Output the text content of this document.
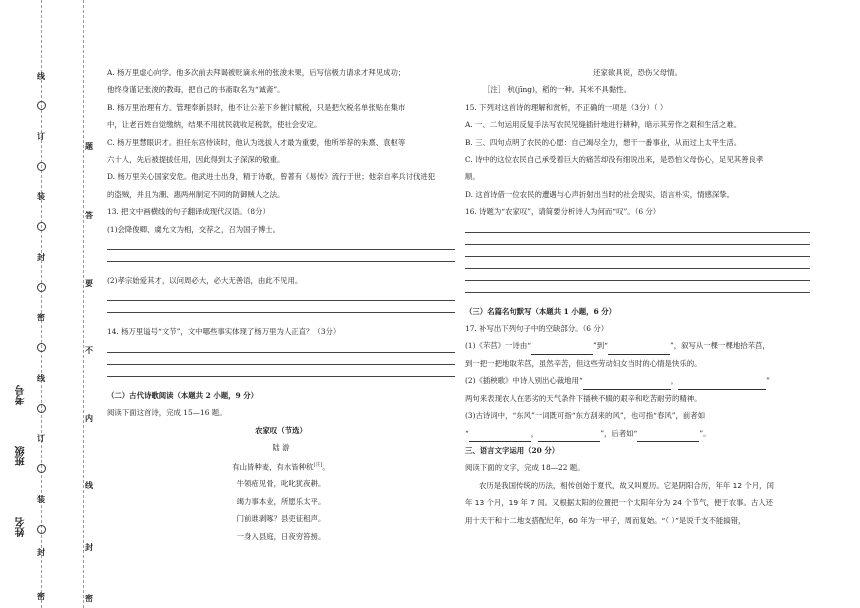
线
订
装
封
密
线
订
装
封
密
题
答
要
不
内
线
封
密
考号
班级
姓名
A. 杨万里虚心向学。他多次前去拜谒被贬谪永州的张浚未果，后写信极力请求才拜见成功；
他终身谨记张浚的教诲，把自己的书斋取名为“诚斋”。
B. 杨万里治理有方。管理奉新县时，他不让公差下乡催讨赋税，只是把欠税名单张贴在集市
中，让老百姓自觉缴纳，结果不用扰民就收足税款，使社会安定。
C. 杨万里慧眼识才。担任东宫侍读时，他认为选拔人才最为重要，他所举荐的朱熹、袁枢等
六十人，先后被提拔任用，因此得到太子深深的敬重。
D. 杨万里关心国家安危。他武进士出身，精于诗歌，曾著有《易传》流行于世；他亲自率兵讨伐进犯
的盗贼，并且为潮、惠两州制定不同的防御贼人之法。
13. 把文中画横线的句子翻译成现代汉语。（8分）
(1)会降俊卿、虞允文为相，交荐之，召为国子博士。
(2)孝宗始爱其才，以问周必大，必大无善语，由此不见用。
14. 杨万里谥号“文节”，文中哪些事实体现了杨万里为人正直？（3分）
（二）古代诗歌阅读（本题共 2 小题，9 分）
阅读下面这首诗，完成 15—16 题。
农家叹（节选）
陆 游
有山皆种麦，有水皆种秔[注]。
牛领疮见骨，叱叱犹夜耕。
竭力事本业，所愿乐太平。
门前谁剥啄？县吏征租声。
一身入县庭，日夜穷笞搒。
还家欲具说，恐伤父母情。
［注］ 秔(jīng)，稻的一种。其米不具黏性。
15. 下列对这首诗的理解和赏析，不正确的一项是（3分）（ ）
A. 一、二句运用反复手法写农民见缝插针地进行耕种，暗示其劳作之艰和生活之难。
B. 三、四句点明了农民的心愿：自己竭尽全力，想干一番事业，从而过上太平生活。
C. 诗中的这位农民自己承受着巨大的痛苦却没有细说出来，是恐怕父母伤心，足见其善良孝
顺。
D. 这首诗借一位农民的遭遇与心声折射出当时的社会现实，语言朴实，情感深挚。
16. 诗题为“农家叹”，请简要分析诗人为何而“叹”。（6 分）
（三）名篇名句默写（本题共 1 小题，6 分）
17. 补写出下列句子中的空缺部分。（6 分）
(1)《芣苢》一诗由“	”到“	”，叙写从一棵一棵地拾芣苢，
到一把一把地取芣苢，虽然辛苦，但这些劳动妇女当时的心情是快乐的。
(2)《插秧歌》中诗人别出心裁地用“	，	”
两句来表现农人在恶劣的天气条件下插秧不辍的艰辛和吃苦耐劳的精神。
(3)古诗词中，“东风”一词既可指“东方刮来的风”，也可指“春风”，前者如
“	，	”，后者如“	”。
三、语言文字运用（20 分）
阅读下面的文字，完成 18—22 题。
农历是我国传统的历法，相传创始于夏代，故又叫夏历。它是阴阳合历，年年 12 个月，闰
年 13 个月，19 年 7 闰。又根据太阳的位置把一个太阳年分为 24 个节气，便于农事。古人还
用十天干和十二地支搭配纪年，60 年为一甲子，周而复始。“（ ）”是说千支不能搞错，
